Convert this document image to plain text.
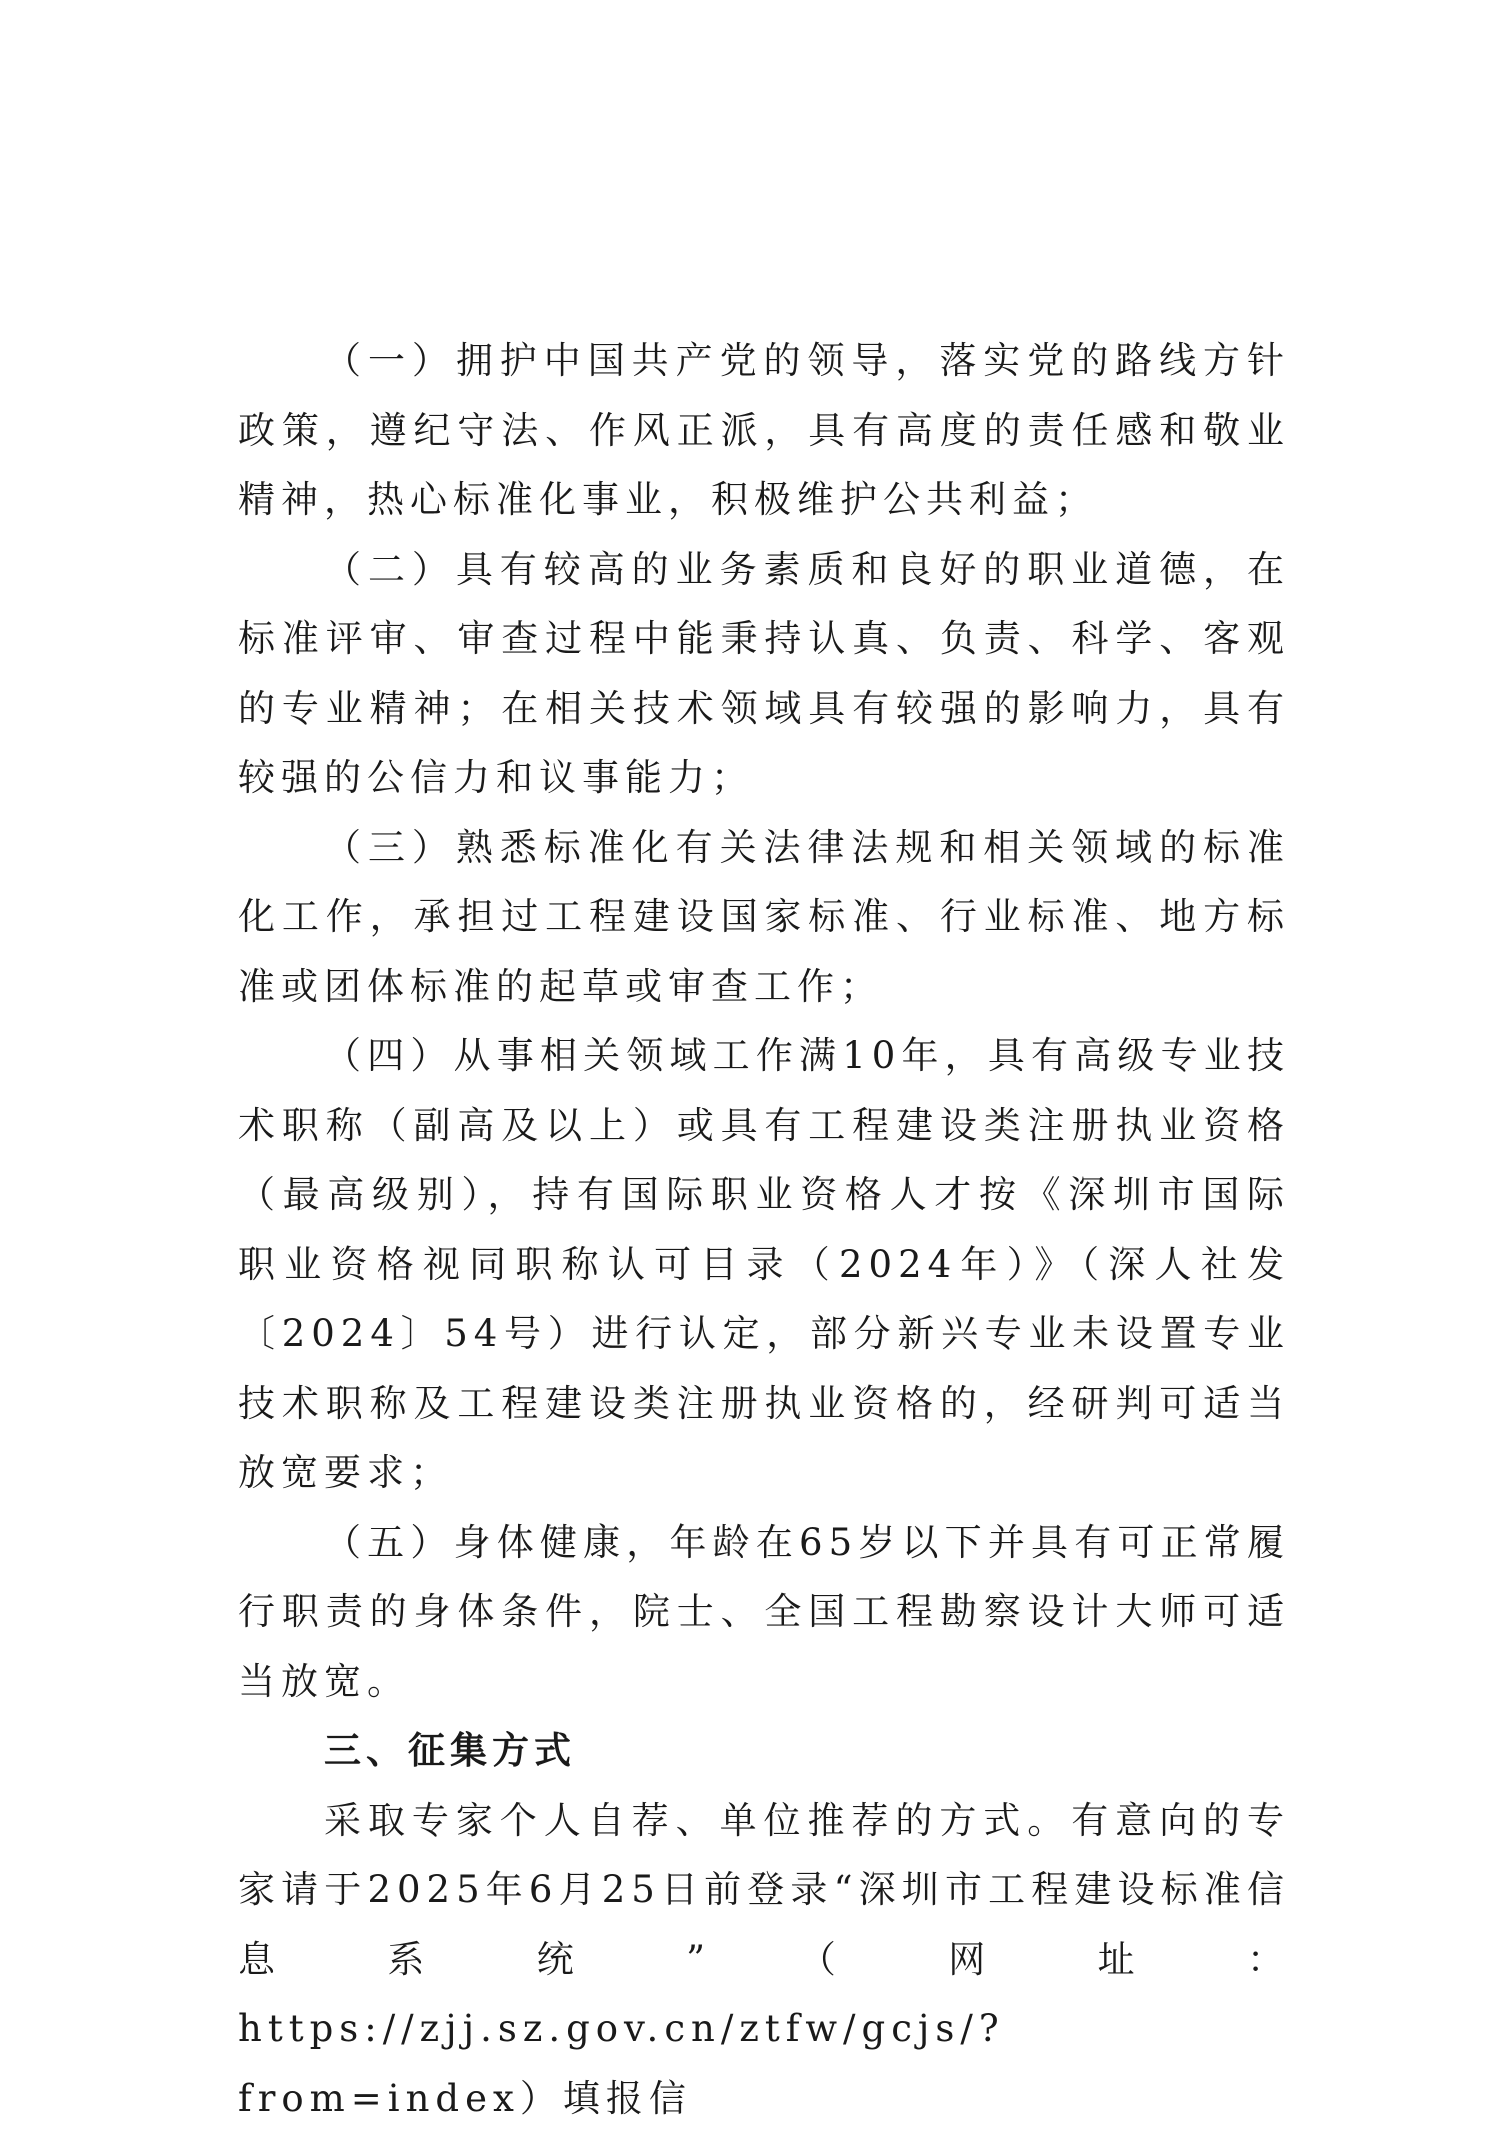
（一）拥护中国共产党的领导，落实党的路线方针政策，遵纪守法、作风正派，具有高度的责任感和敬业精神，热心标准化事业，积极维护公共利益；

（二）具有较高的业务素质和良好的职业道德，在标准评审、审查过程中能秉持认真、负责、科学、客观的专业精神；在相关技术领域具有较强的影响力，具有较强的公信力和议事能力；

（三）熟悉标准化有关法律法规和相关领域的标准化工作，承担过工程建设国家标准、行业标准、地方标准或团体标准的起草或审查工作；

（四）从事相关领域工作满10年，具有高级专业技术职称（副高及以上）或具有工程建设类注册执业资格（最高级别），持有国际职业资格人才按《深圳市国际职业资格视同职称认可目录（2024年）》（深人社发〔2024〕54号）进行认定，部分新兴专业未设置专业技术职称及工程建设类注册执业资格的，经研判可适当放宽要求；

（五）身体健康，年龄在65岁以下并具有可正常履行职责的身体条件，院士、全国工程勘察设计大师可适当放宽。

三、征集方式

采取专家个人自荐、单位推荐的方式。有意向的专家请于2025年6月25日前登录“深圳市工程建设标准信息系统”（网址：https://zjj.sz.gov.cn/ztfw/gcjs/?from=index）填报信
